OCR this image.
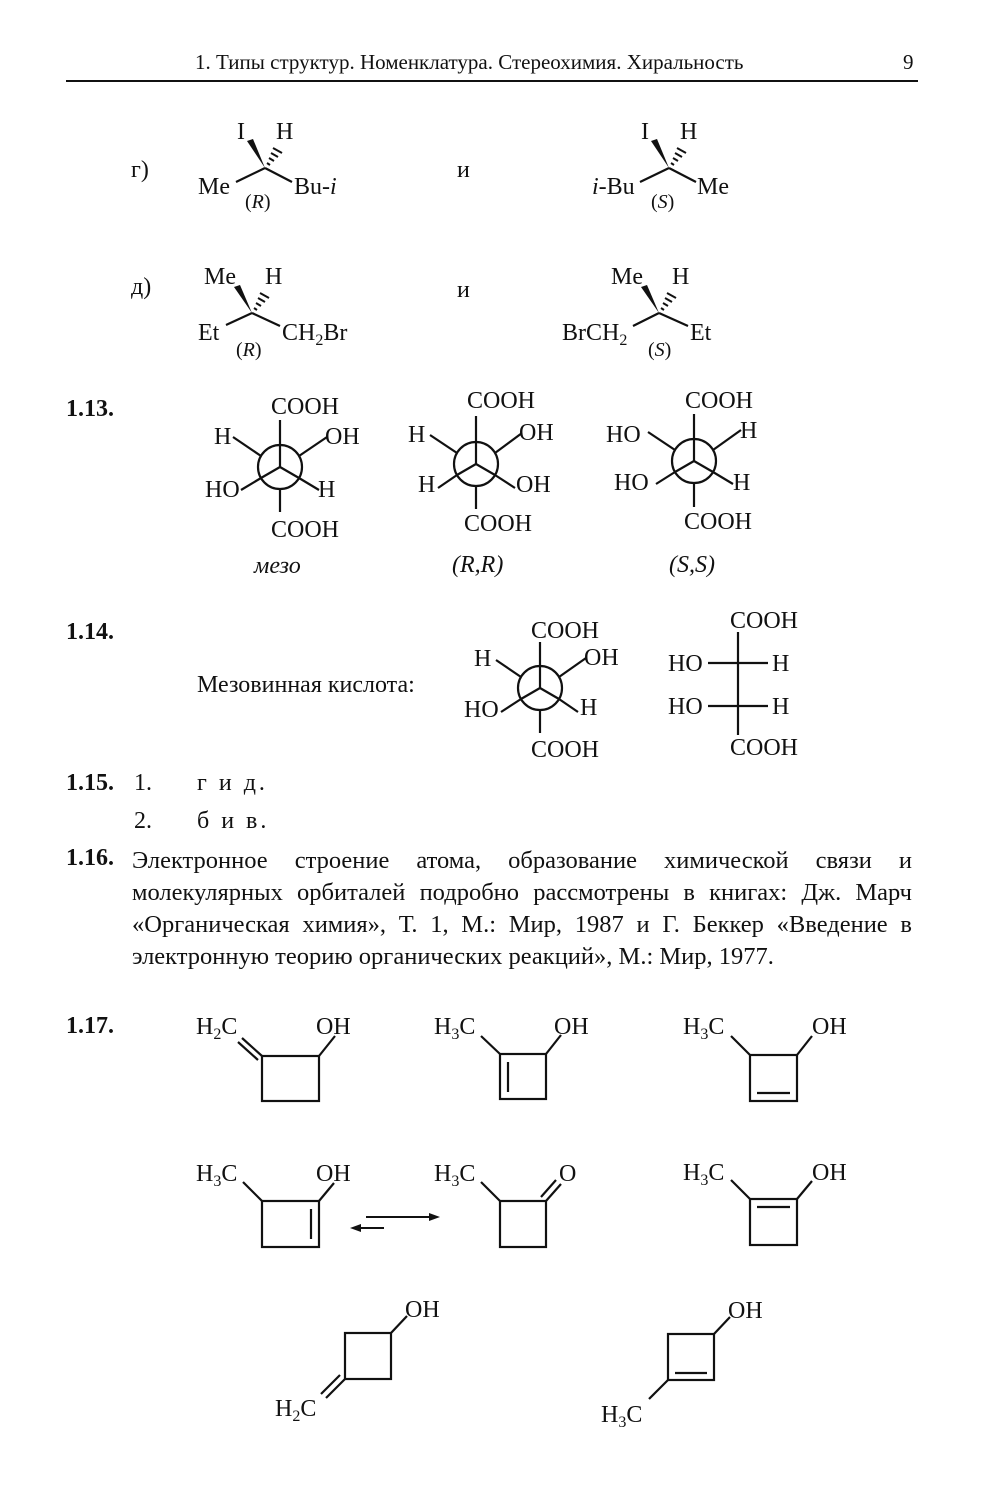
1. Типы структур. Номенклатура. Стереохимия. Хиральность	9
г)	и
д)	и
1.13.
1.14.
Мезовинная кислота:
1.15. 1. г и д.
2. б и в.
1.16. Электронное строение атома, образование химической связи и молекулярных орбиталей подробно рассмотрены в книгах: Дж. Марч «Органическая химия», Т. 1, М.: Мир, 1987 и Г. Беккер «Введение в электронную теорию органических реакций», М.: Мир, 1977.
1.17.
I H
Me	Bu-i
(R)
I H
i-Bu	Me
(S)
Me H
Et	$CH_2Br$
(R)
Me H
BrCH$_2$	Et
(S)
COOH
H	OH
HO	H
COOH
мезо
COOH
H	OH
H	OH
COOH
(R,R)
COOH
HO	H
HO	H
COOH
(S,S)
COOH
H	OH
HO	H
COOH
COOH
HO	H
HO	H
COOH
$H_2C$	OH	$H_3C$	OH	$H_3C$	OH
$H_3C$	OH	$H_3C$	O	$H_3C$	OH
OH
$H_2C$
OH
$H_3C$
